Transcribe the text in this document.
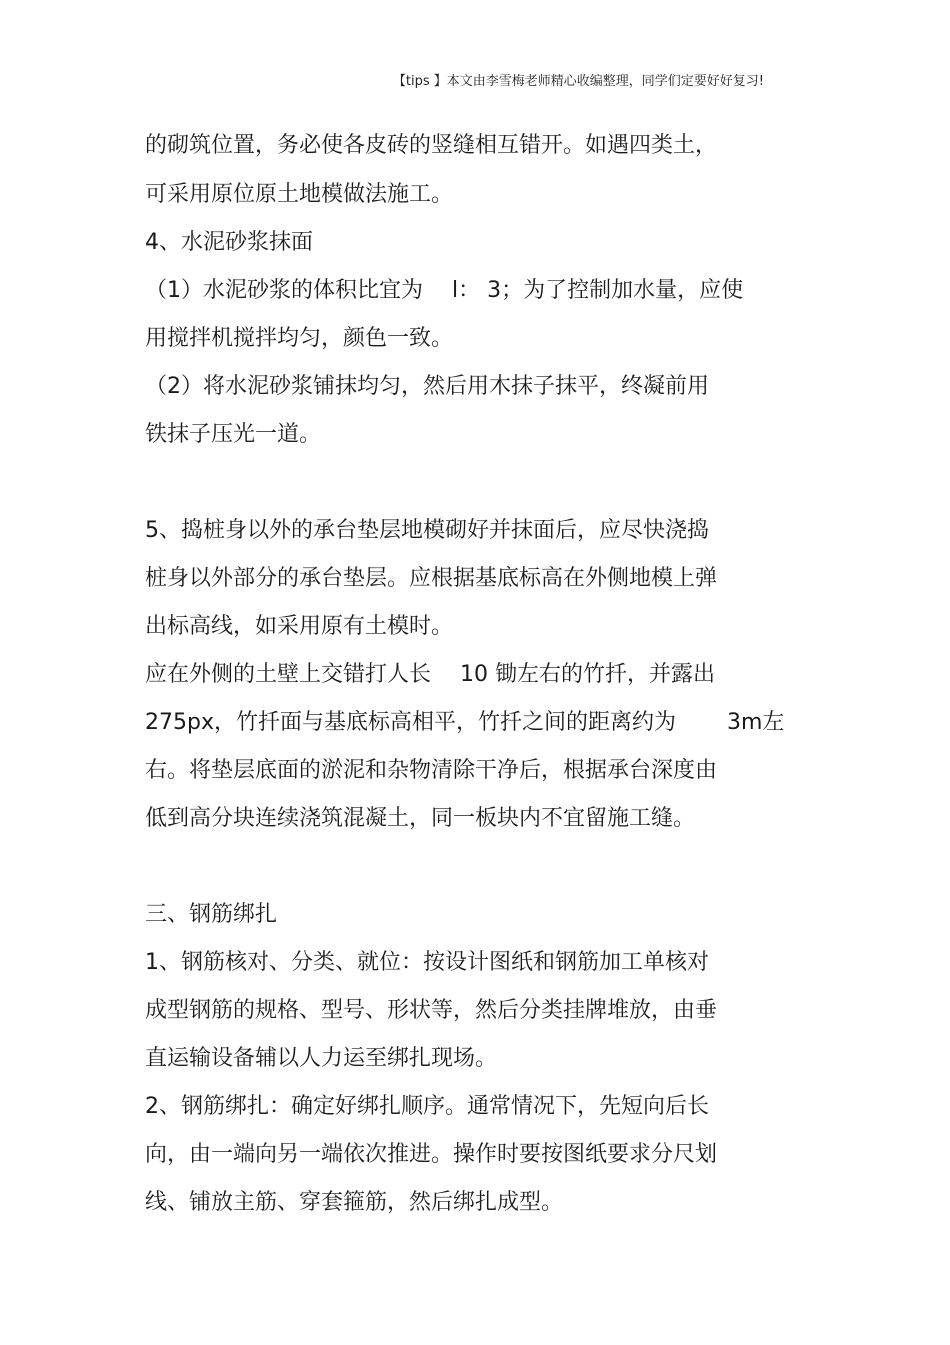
【tips 】本文由李雪梅老师精心收编整理，同学们定要好好复习!
的砌筑位置，务必使各皮砖的竖缝相互错开。如遇四类土，
可采用原位原土地模做法施工。
4、水泥砂浆抹面
（1）水泥砂浆的体积比宜为　 l： 3；为了控制加水量，应使
用搅拌机搅拌均匀，颜色一致。
（2）将水泥砂浆铺抹均匀，然后用木抹子抹平，终凝前用
铁抹子压光一道。
5、捣桩身以外的承台垫层地模砌好并抹面后，应尽快浇捣
桩身以外部分的承台垫层。应根据基底标高在外侧地模上弹
出标高线，如采用原有土模时。
应在外侧的土壁上交错打人长　 10 锄左右的竹扦，并露出
275px，竹扦面与基底标高相平，竹扦之间的距离约为　　 3m左
右。将垫层底面的淤泥和杂物清除干净后，根据承台深度由
低到高分块连续浇筑混凝土，同一板块内不宜留施工缝。
三、钢筋绑扎
1、钢筋核对、分类、就位：按设计图纸和钢筋加工单核对
成型钢筋的规格、型号、形状等，然后分类挂牌堆放，由垂
直运输设备辅以人力运至绑扎现场。
2、钢筋绑扎：确定好绑扎顺序。通常情况下，先短向后长
向，由一端向另一端依次推进。操作时要按图纸要求分尺划
线、铺放主筋、穿套箍筋，然后绑扎成型。
